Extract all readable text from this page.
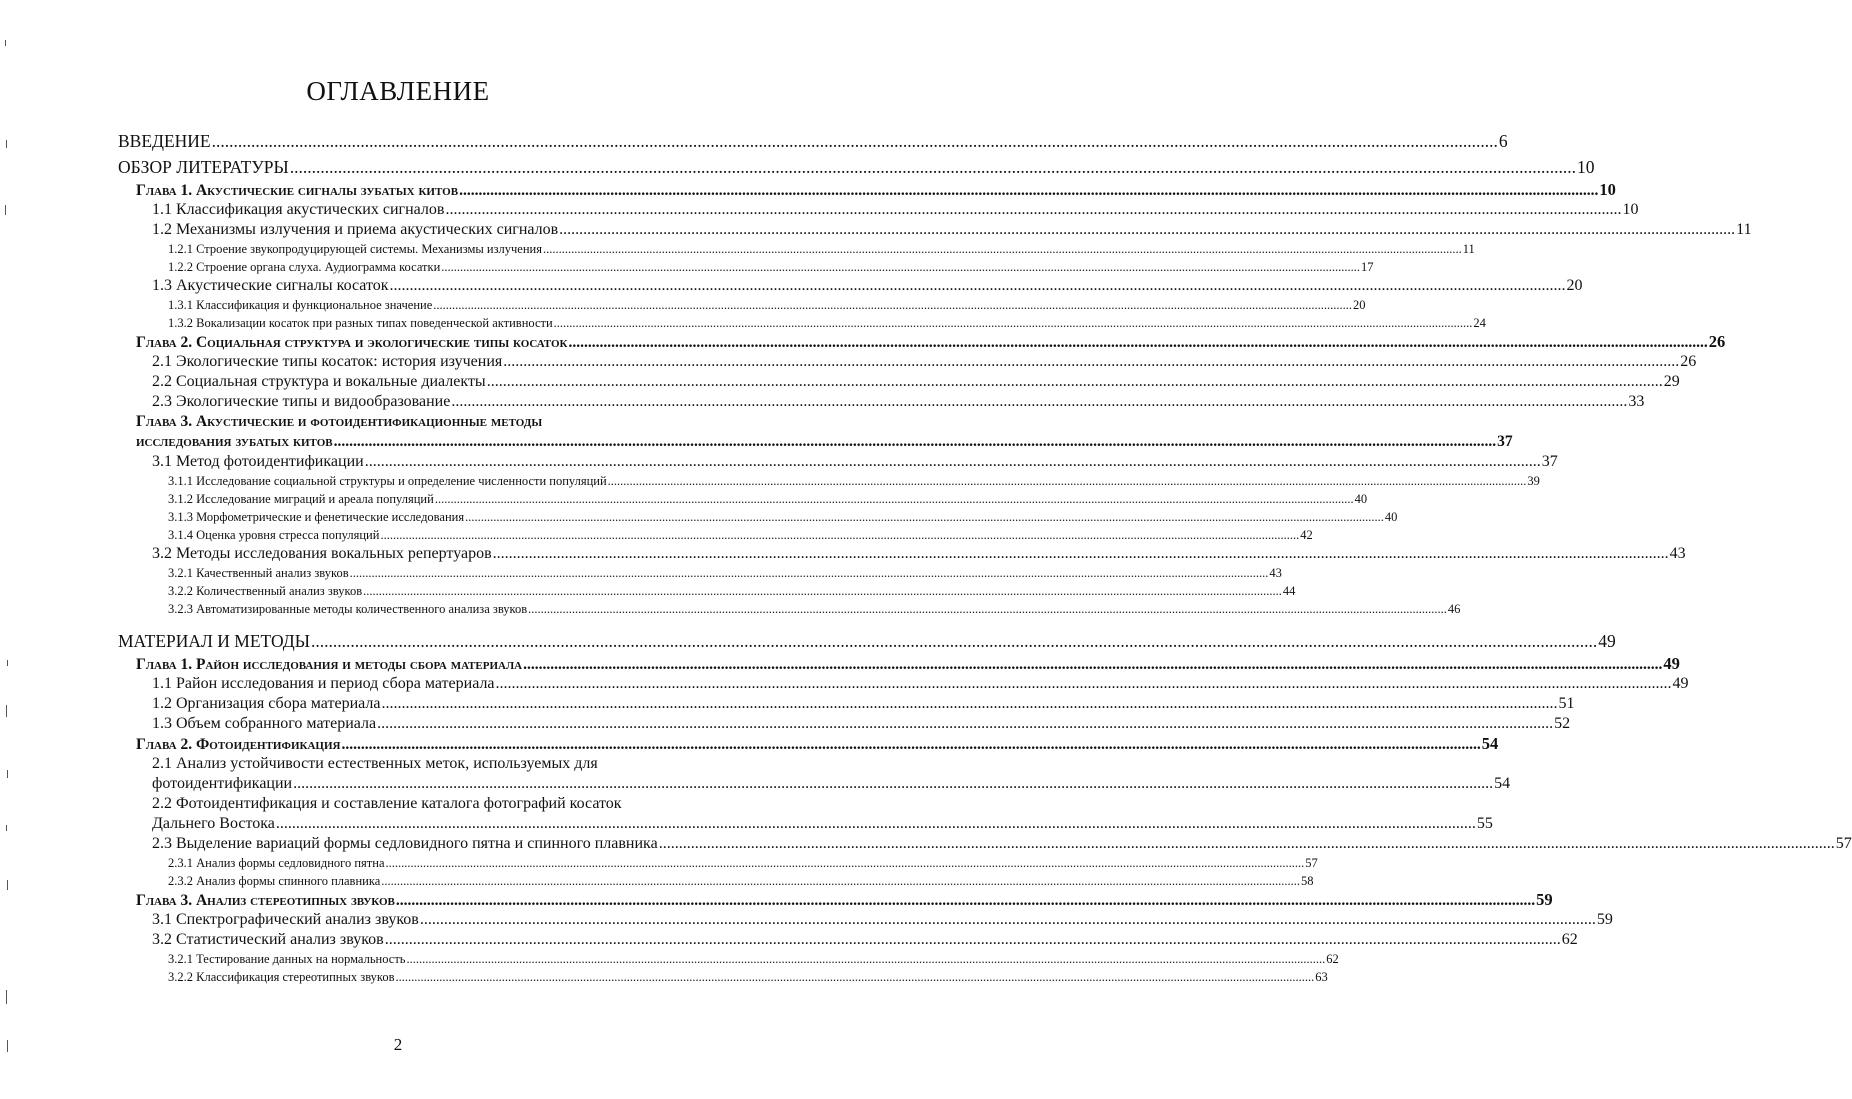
ОГЛАВЛЕНИЕ
ВВЕДЕНИЕ .....	6
ОБЗОР ЛИТЕРАТУРЫ .....	10
Глава 1. Акустические сигналы зубатых китов .....	10
1.1 Классификация акустических сигналов .....	10
1.2 Механизмы излучения и приема акустических сигналов .....	11
1.2.1 Строение звукопродуцирующей системы. Механизмы излучения .....	11
1.2.2 Строение органа слуха. Аудиограмма косатки .....	17
1.3 Акустические сигналы косаток .....	20
1.3.1 Классификация и функциональное значение .....	20
1.3.2 Вокализации косаток при разных типах поведенческой активности .....	24
Глава 2. Социальная структура и экологические типы косаток .....	26
2.1 Экологические типы косаток: история изучения .....	26
2.2 Социальная структура и вокальные диалекты .....	29
2.3 Экологические типы и видообразование .....	33
Глава 3. Акустические и фотоидентификационные методы
исследования зубатых китов ............................................................................................................................................................................................................................................................................................................ 37
3.1 Метод фотоидентификации .....	37
3.1.1 Исследование социальной структуры и определение численности популяций .....	39
3.1.2 Исследование миграций и ареала популяций .....	40
3.1.3 Морфометрические и фенетические исследования .....	40
3.1.4 Оценка уровня стресса популяций .....	42
3.2 Методы исследования вокальных репертуаров .....	43
3.2.1 Качественный анализ звуков .....	43
3.2.2 Количественный анализ звуков .....	44
3.2.3 Автоматизированные методы количественного анализа звуков .....	46
МАТЕРИАЛ И МЕТОДЫ .....	49
Глава 1. Район исследования и методы сбора материала .....	49
1.1 Район исследования и период сбора материала .....	49
1.2 Организация сбора материала .....	51
1.3 Объем собранного материала .....	52
Глава 2. Фотоидентификация .....	54
2.1 Анализ устойчивости естественных меток, используемых для
фотоидентификации ............................................................................................................................................................................................................................................................................................................ 54
2.2 Фотоидентификация и составление каталога фотографий косаток
Дальнего Востока ............................................................................................................................................................................................................................................................................................................ 55
2.3 Выделение вариаций формы седловидного пятна и спинного плавника .....	57
2.3.1 Анализ формы седловидного пятна .....	57
2.3.2 Анализ формы спинного плавника .....	58
Глава 3. Анализ стереотипных звуков .....	59
3.1 Спектрографический анализ звуков .....	59
3.2 Статистический анализ звуков .....	62
3.2.1 Тестирование данных на нормальность .....	62
3.2.2 Классификация стереотипных звуков .....	63
2
